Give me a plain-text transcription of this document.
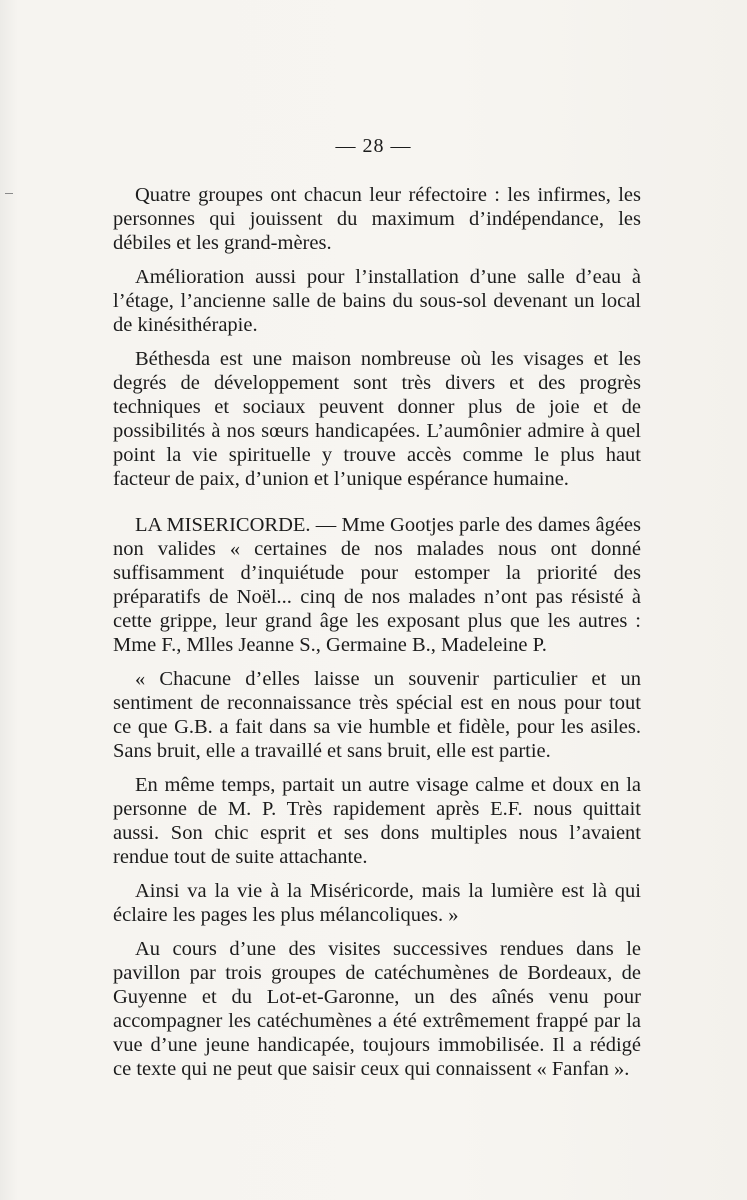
— 28 —

Quatre groupes ont chacun leur réfectoire : les infirmes, les personnes qui jouissent du maximum d’indépendance, les débiles et les grand-mères.

Amélioration aussi pour l’installation d’une salle d’eau à l’étage, l’ancienne salle de bains du sous-sol devenant un local de kinésithérapie.

Béthesda est une maison nombreuse où les visages et les degrés de développement sont très divers et des progrès techniques et sociaux peuvent donner plus de joie et de possibilités à nos sœurs handicapées. L’aumônier admire à quel point la vie spirituelle y trouve accès comme le plus haut facteur de paix, d’union et l’unique espérance humaine.

LA MISERICORDE. — Mme Gootjes parle des dames âgées non valides « certaines de nos malades nous ont donné suffisamment d’inquiétude pour estomper la priorité des préparatifs de Noël... cinq de nos malades n’ont pas résisté à cette grippe, leur grand âge les exposant plus que les autres : Mme F., Mlles Jeanne S., Germaine B., Madeleine P.

« Chacune d’elles laisse un souvenir particulier et un sentiment de reconnaissance très spécial est en nous pour tout ce que G.B. a fait dans sa vie humble et fidèle, pour les asiles. Sans bruit, elle a travaillé et sans bruit, elle est partie.

En même temps, partait un autre visage calme et doux en la personne de M. P. Très rapidement après E.F. nous quittait aussi. Son chic esprit et ses dons multiples nous l’avaient rendue tout de suite attachante.

Ainsi va la vie à la Miséricorde, mais la lumière est là qui éclaire les pages les plus mélancoliques. »

Au cours d’une des visites successives rendues dans le pavillon par trois groupes de catéchumènes de Bordeaux, de Guyenne et du Lot-et-Garonne, un des aînés venu pour accompagner les catéchumènes a été extrêmement frappé par la vue d’une jeune handicapée, toujours immobilisée. Il a rédigé ce texte qui ne peut que saisir ceux qui connaissent « Fanfan ».
